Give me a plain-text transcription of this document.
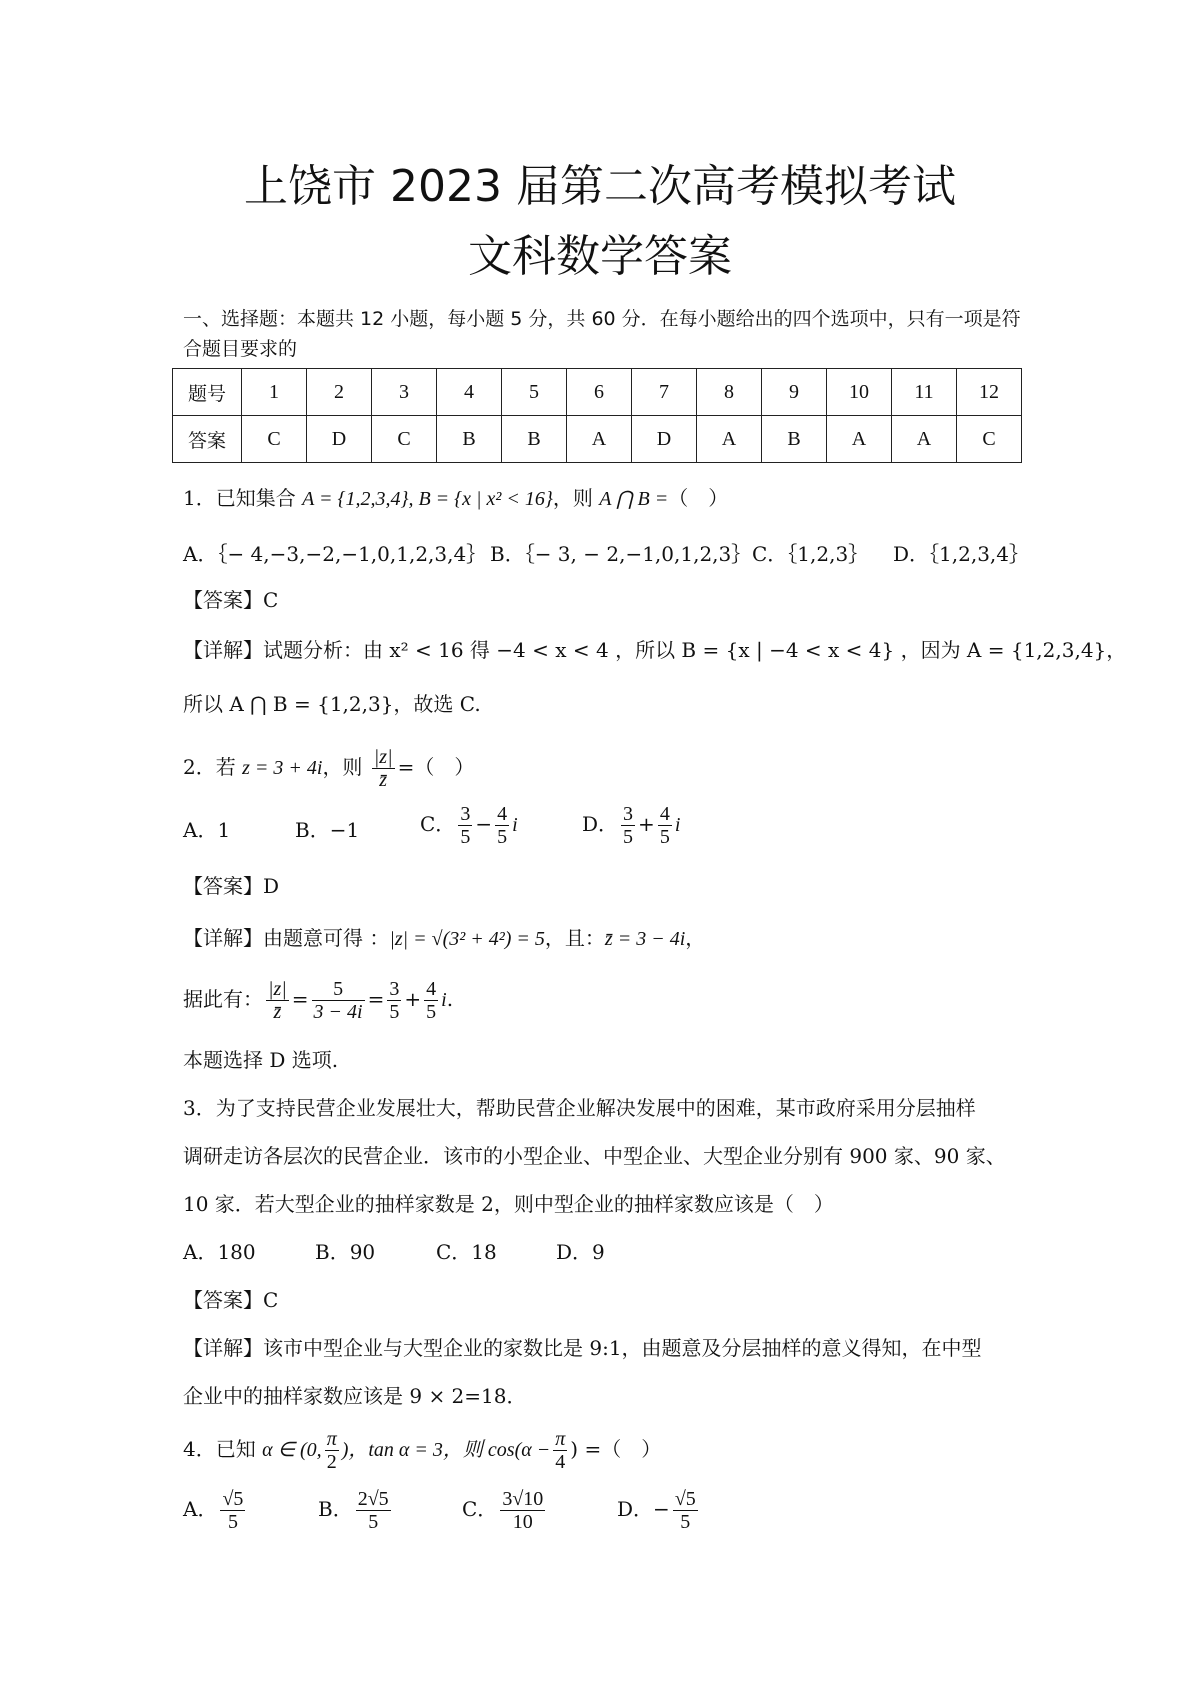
上饶市 2023 届第二次高考模拟考试
文科数学答案
一、选择题：本题共 12 小题，每小题 5 分，共 60 分．在每小题给出的四个选项中，只有一项是符合题目要求的
题号	1	2	3	4	5	6	7	8	9	10	11	12
答案	C	D	C	B	B	A	D	A	B	A	A	C
1．已知集合 A = {1,2,3,4}, B = {x | x² < 16}，则 A ⋂ B =（　）
A．｛− 4,−3,−2,−1,0,1,2,3,4｝ B．｛− 3, − 2,−1,0,1,2,3｝ C．｛1,2,3｝ D．｛1,2,3,4｝
【答案】C
【详解】试题分析：由 x² < 16 得 −4 < x < 4 ，所以 B = {x | −4 < x < 4} ，因为 A = {1,2,3,4}，
所以 A ⋂ B = {1,2,3}，故选 C.
2．若 z = 3 + 4i，则 $\frac{|z|}{z̄}$ =（　）
A．1	B．−1	C． $\frac{3}{5} - \frac{4}{5}$ i	D． $\frac{3}{5} + \frac{4}{5}$ i
【答案】D
【详解】由题意可得 ：|z| = √(3² + 4²) = 5，且：z̄ = 3 − 4i，
据此有： $\frac{|z|}{z̄} = \frac{5}{3 - 4i} = \frac{3}{5} + \frac{4}{5} i$.
本题选择 D 选项.
3．为了支持民营企业发展壮大，帮助民营企业解决发展中的困难，某市政府采用分层抽样
调研走访各层次的民营企业．该市的小型企业、中型企业、大型企业分别有 900 家、90 家、
10 家．若大型企业的抽样家数是 2，则中型企业的抽样家数应该是（　）
A．180	B．90	C．18	D．9
【答案】C
【详解】该市中型企业与大型企业的家数比是 9:1，由题意及分层抽样的意义得知，在中型
企业中的抽样家数应该是 9 × 2=18．
4．已知 α ∈ (0, $\frac{\pi}{2}$ )，tan α = 3，则 $\cos(\alpha - \frac{\pi}{4}$ ) =（　）
A． $\frac{√5}{5}$	B． $\frac{2√5}{5}$	C． $\frac{3√10}{10}$	D．− $\frac{√5}{5}$
